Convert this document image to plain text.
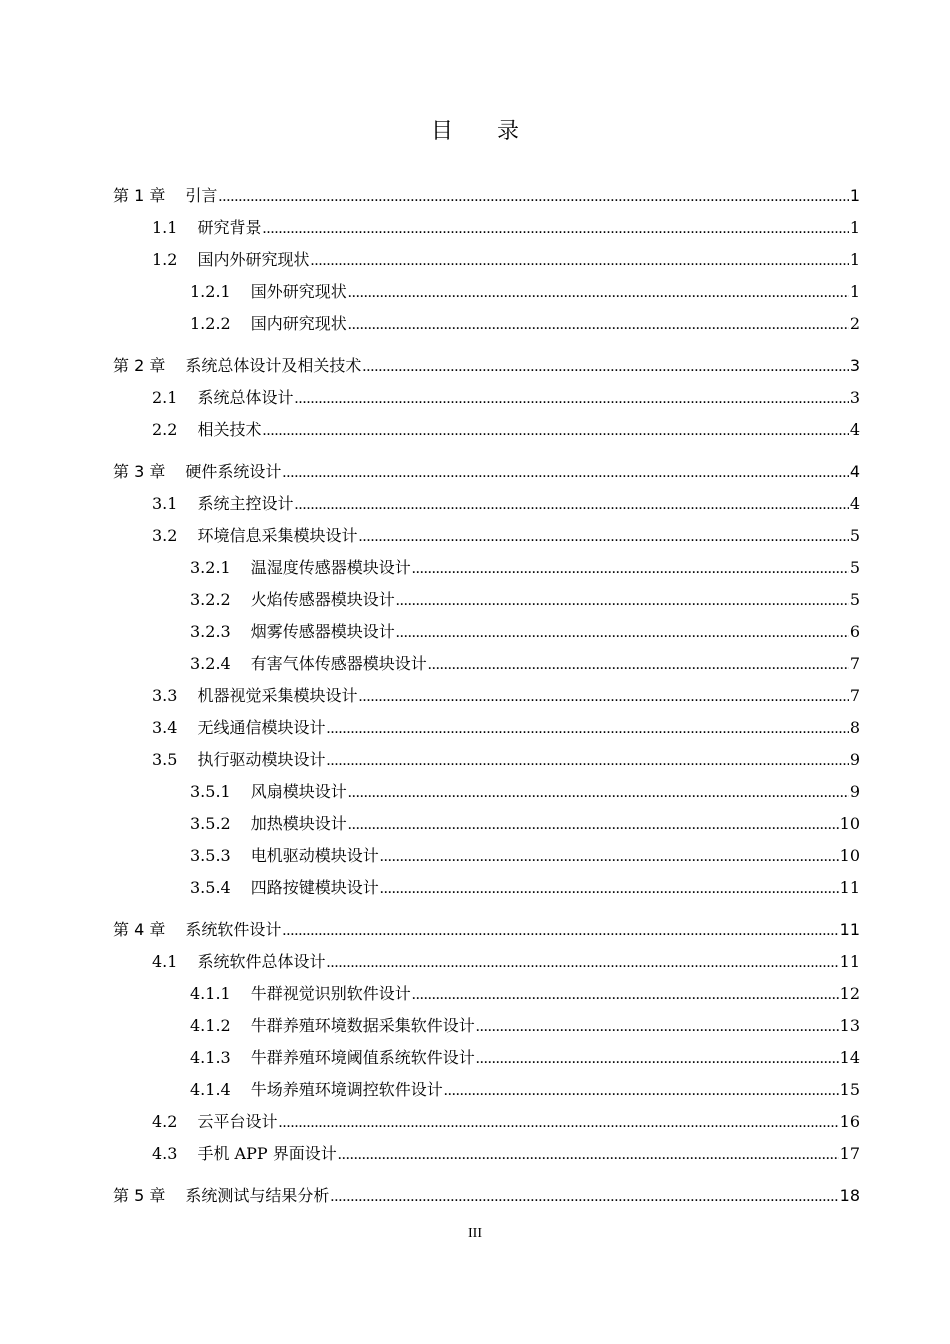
目　　录
第 1 章 引言 .....	1
1.1 研究背景 .....	1
1.2 国内外研究现状 .....	1
1.2.1 国外研究现状 .....	1
1.2.2 国内研究现状 .....	2
第 2 章 系统总体设计及相关技术 .....	3
2.1 系统总体设计 .....	3
2.2 相关技术 .....	4
第 3 章 硬件系统设计 .....	4
3.1 系统主控设计 .....	4
3.2 环境信息采集模块设计 .....	5
3.2.1 温湿度传感器模块设计 .....	5
3.2.2 火焰传感器模块设计 .....	5
3.2.3 烟雾传感器模块设计 .....	6
3.2.4 有害气体传感器模块设计 .....	7
3.3 机器视觉采集模块设计 .....	7
3.4 无线通信模块设计 .....	8
3.5 执行驱动模块设计 .....	9
3.5.1 风扇模块设计 .....	9
3.5.2 加热模块设计 .....	10
3.5.3 电机驱动模块设计 .....	10
3.5.4 四路按键模块设计 .....	11
第 4 章 系统软件设计 .....	11
4.1 系统软件总体设计 .....	11
4.1.1 牛群视觉识别软件设计 .....	12
4.1.2 牛群养殖环境数据采集软件设计 .....	13
4.1.3 牛群养殖环境阈值系统软件设计 .....	14
4.1.4 牛场养殖环境调控软件设计 .....	15
4.2 云平台设计 .....	16
4.3 手机 APP 界面设计 .....	17
第 5 章 系统测试与结果分析 .....	18
III
